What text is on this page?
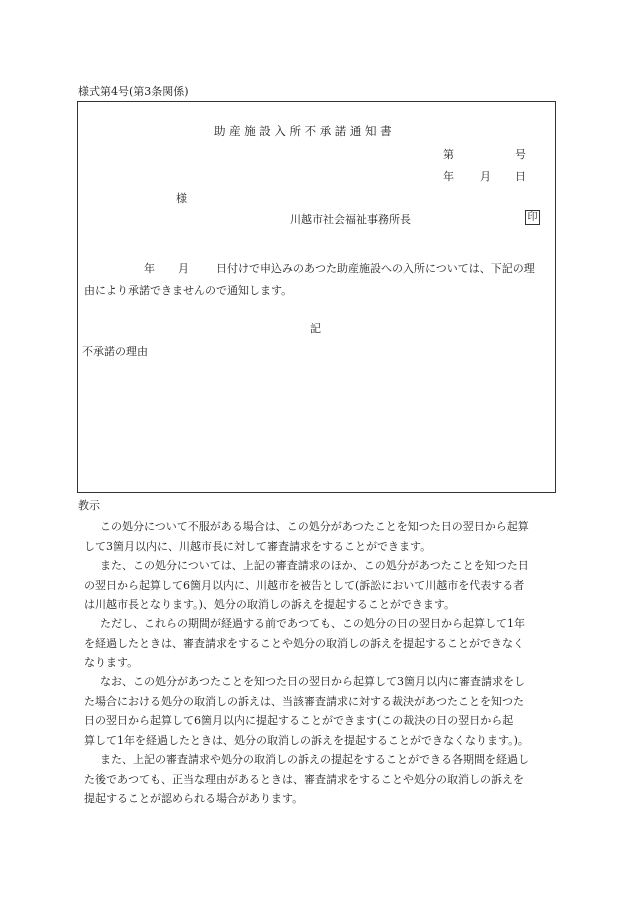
様式第4号(第3条関係)
助産施設入所不承諾通知書
第	号
年 月 日
様
川越市社会福祉事務所長	印
年 月 日付けで申込みのあつた助産施設への入所については、下記の理
由により承諾できませんので通知します。
記
不承諾の理由
教示
この処分について不服がある場合は、この処分があつたことを知つた日の翌日から起算
して3箇月以内に、川越市長に対して審査請求をすることができます。
また、この処分については、上記の審査請求のほか、この処分があつたことを知つた日
の翌日から起算して6箇月以内に、川越市を被告として(訴訟において川越市を代表する者
は川越市長となります。)、処分の取消しの訴えを提起することができます。
ただし、これらの期間が経過する前であつても、この処分の日の翌日から起算して1年
を経過したときは、審査請求をすることや処分の取消しの訴えを提起することができなく
なります。
なお、この処分があつたことを知つた日の翌日から起算して3箇月以内に審査請求をし
た場合における処分の取消しの訴えは、当該審査請求に対する裁決があつたことを知つた
日の翌日から起算して6箇月以内に提起することができます(この裁決の日の翌日から起
算して1年を経過したときは、処分の取消しの訴えを提起することができなくなります。)。
また、上記の審査請求や処分の取消しの訴えの提起をすることができる各期間を経過し
た後であつても、正当な理由があるときは、審査請求をすることや処分の取消しの訴えを
提起することが認められる場合があります。
